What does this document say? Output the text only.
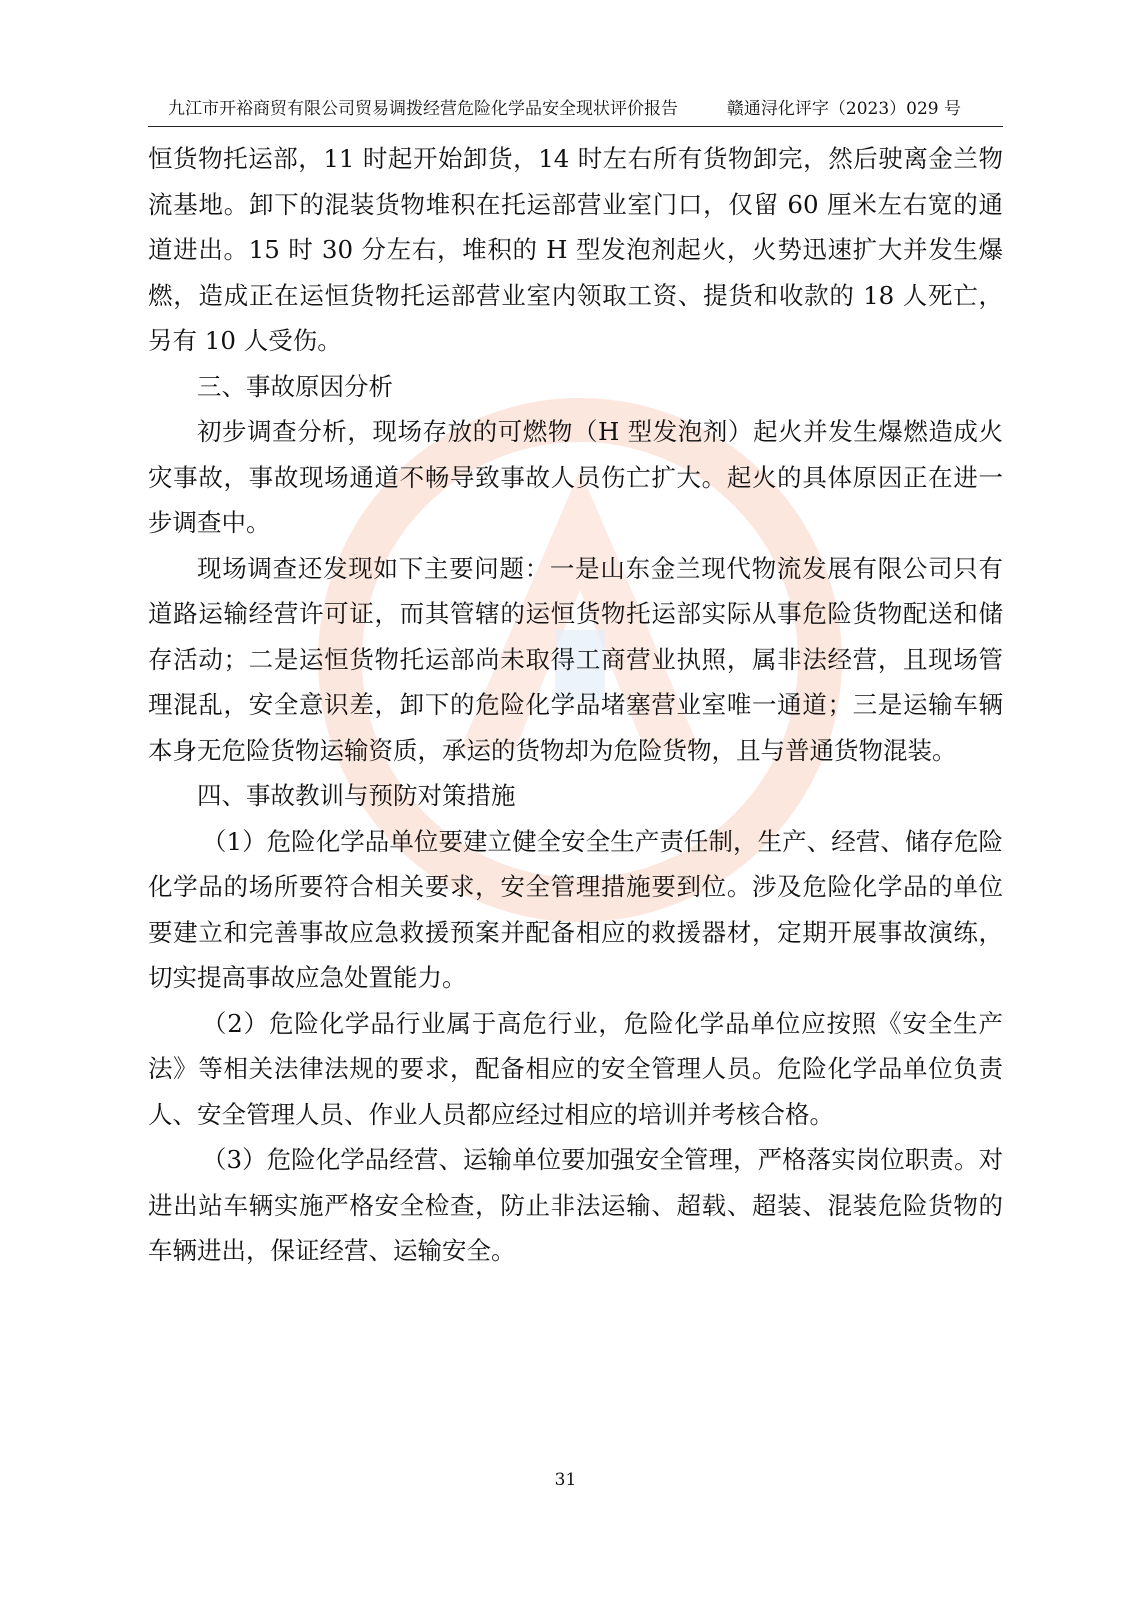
九江市开裕商贸有限公司贸易调拨经营危险化学品安全现状评价报告	赣通浔化评字（2023）029 号

恒货物托运部，11 时起开始卸货，14 时左右所有货物卸完，然后驶离金兰物流基地。卸下的混装货物堆积在托运部营业室门口，仅留 60 厘米左右宽的通道进出。15 时 30 分左右，堆积的 H 型发泡剂起火，火势迅速扩大并发生爆燃，造成正在运恒货物托运部营业室内领取工资、提货和收款的 18 人死亡，另有 10 人受伤。

三、事故原因分析

初步调查分析，现场存放的可燃物（H 型发泡剂）起火并发生爆燃造成火灾事故，事故现场通道不畅导致事故人员伤亡扩大。起火的具体原因正在进一步调查中。

现场调查还发现如下主要问题：一是山东金兰现代物流发展有限公司只有道路运输经营许可证，而其管辖的运恒货物托运部实际从事危险货物配送和储存活动；二是运恒货物托运部尚未取得工商营业执照，属非法经营，且现场管理混乱，安全意识差，卸下的危险化学品堵塞营业室唯一通道；三是运输车辆本身无危险货物运输资质，承运的货物却为危险货物，且与普通货物混装。

四、事故教训与预防对策措施

（1）危险化学品单位要建立健全安全生产责任制，生产、经营、储存危险化学品的场所要符合相关要求，安全管理措施要到位。涉及危险化学品的单位要建立和完善事故应急救援预案并配备相应的救援器材，定期开展事故演练，切实提高事故应急处置能力。

（2）危险化学品行业属于高危行业，危险化学品单位应按照《安全生产法》等相关法律法规的要求，配备相应的安全管理人员。危险化学品单位负责人、安全管理人员、作业人员都应经过相应的培训并考核合格。

（3）危险化学品经营、运输单位要加强安全管理，严格落实岗位职责。对进出站车辆实施严格安全检查，防止非法运输、超载、超装、混装危险货物的车辆进出，保证经营、运输安全。

31
